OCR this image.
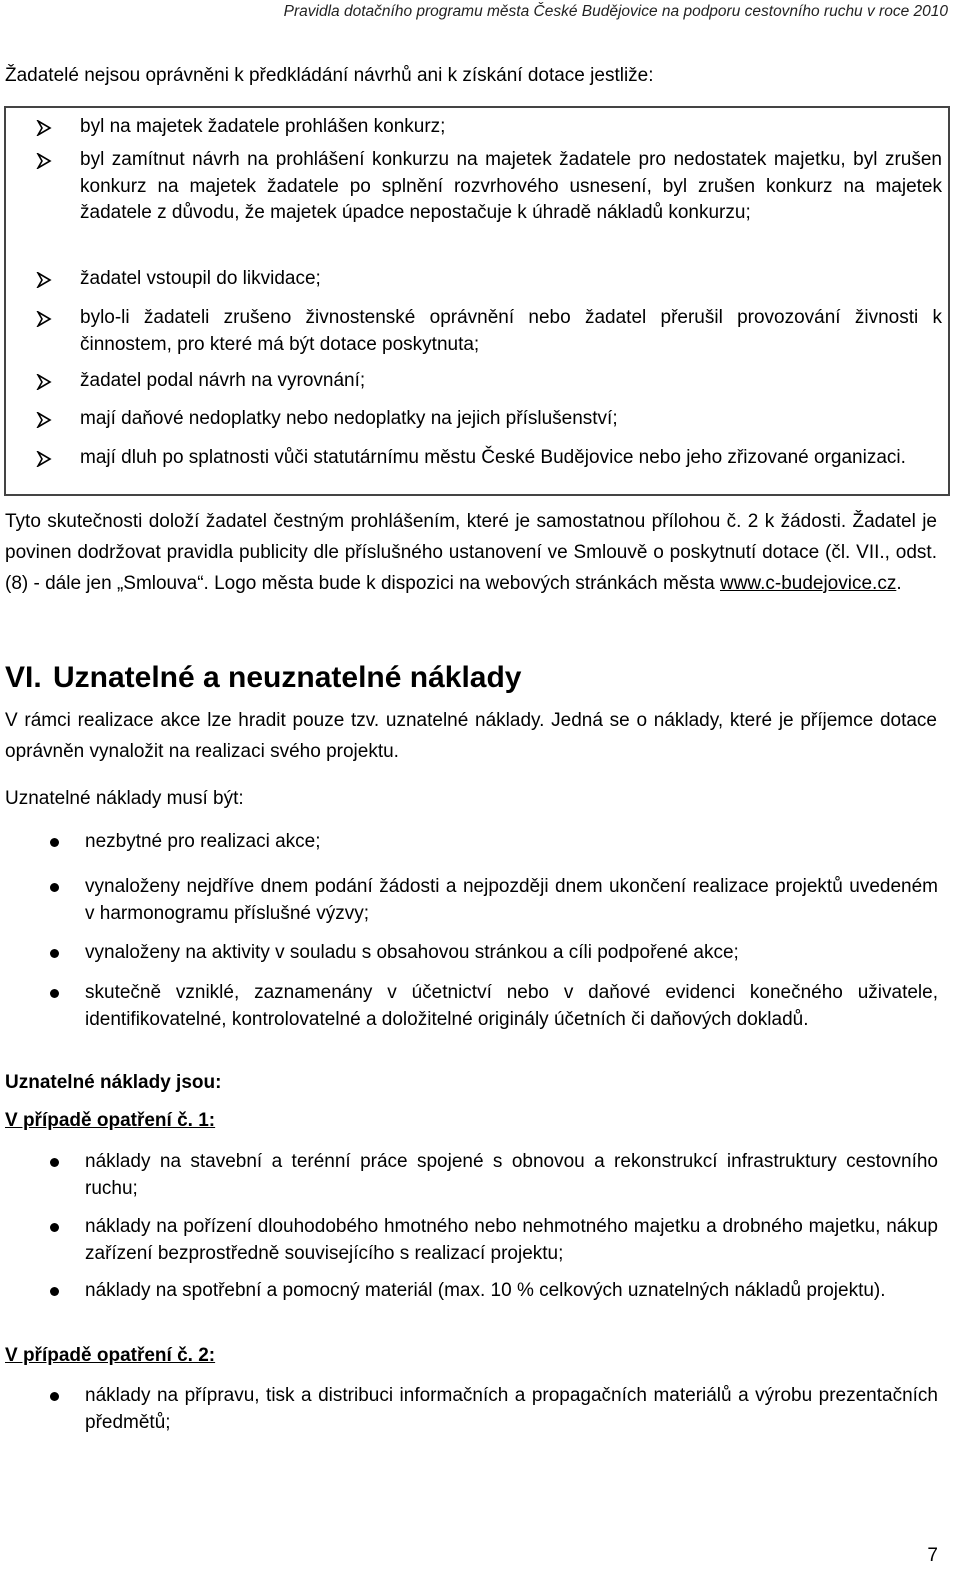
Pravidla dotačního programu města České Budějovice na podporu cestovního ruchu v roce 2010

Žadatelé nejsou oprávněni k předkládání návrhů ani k získání dotace jestliže:

byl na majetek žadatele prohlášen konkurz;
byl zamítnut návrh na prohlášení konkurzu na majetek žadatele pro nedostatek majetku, byl zrušen konkurz na majetek žadatele po splnění rozvrhového usnesení, byl zrušen konkurz na majetek žadatele z důvodu, že majetek úpadce nepostačuje k úhradě nákladů konkurzu;
žadatel vstoupil do likvidace;
bylo-li žadateli zrušeno živnostenské oprávnění nebo žadatel přerušil provozování živnosti k činnostem, pro které má být dotace poskytnuta;
žadatel podal návrh na vyrovnání;
mají daňové nedoplatky nebo nedoplatky na jejich příslušenství;
mají dluh po splatnosti vůči statutárnímu městu České Budějovice nebo jeho zřizované organizaci.

Tyto skutečnosti doloží žadatel čestným prohlášením, které je samostatnou přílohou č. 2 k žádosti. Žadatel je povinen dodržovat pravidla publicity dle příslušného ustanovení ve Smlouvě o poskytnutí dotace (čl. VII., odst. (8) - dále jen „Smlouva“. Logo města bude k dispozici na webových stránkách města www.c-budejovice.cz.

VI. Uznatelné a neuznatelné náklady

V rámci realizace akce lze hradit pouze tzv. uznatelné náklady. Jedná se o náklady, které je příjemce dotace oprávněn vynaložit na realizaci svého projektu.

Uznatelné náklady musí být:

nezbytné pro realizaci akce;
vynaloženy nejdříve dnem podání žádosti a nejpozději dnem ukončení realizace projektů uvedeném v harmonogramu příslušné výzvy;
vynaloženy na aktivity v souladu s obsahovou stránkou a cíli podpořené akce;
skutečně vzniklé, zaznamenány v účetnictví nebo v daňové evidenci konečného uživatele, identifikovatelné, kontrolovatelné a doložitelné originály účetních či daňových dokladů.

Uznatelné náklady jsou:

V případě opatření č. 1:

náklady na stavební a terénní práce spojené s obnovou a rekonstrukcí infrastruktury cestovního ruchu;
náklady na pořízení dlouhodobého hmotného nebo nehmotného majetku a drobného majetku, nákup zařízení bezprostředně souvisejícího s realizací projektu;
náklady na spotřební a pomocný materiál (max. 10 % celkových uznatelných nákladů projektu).

V případě opatření č. 2:

náklady na přípravu, tisk a distribuci informačních a propagačních materiálů a výrobu prezentačních předmětů;
7
